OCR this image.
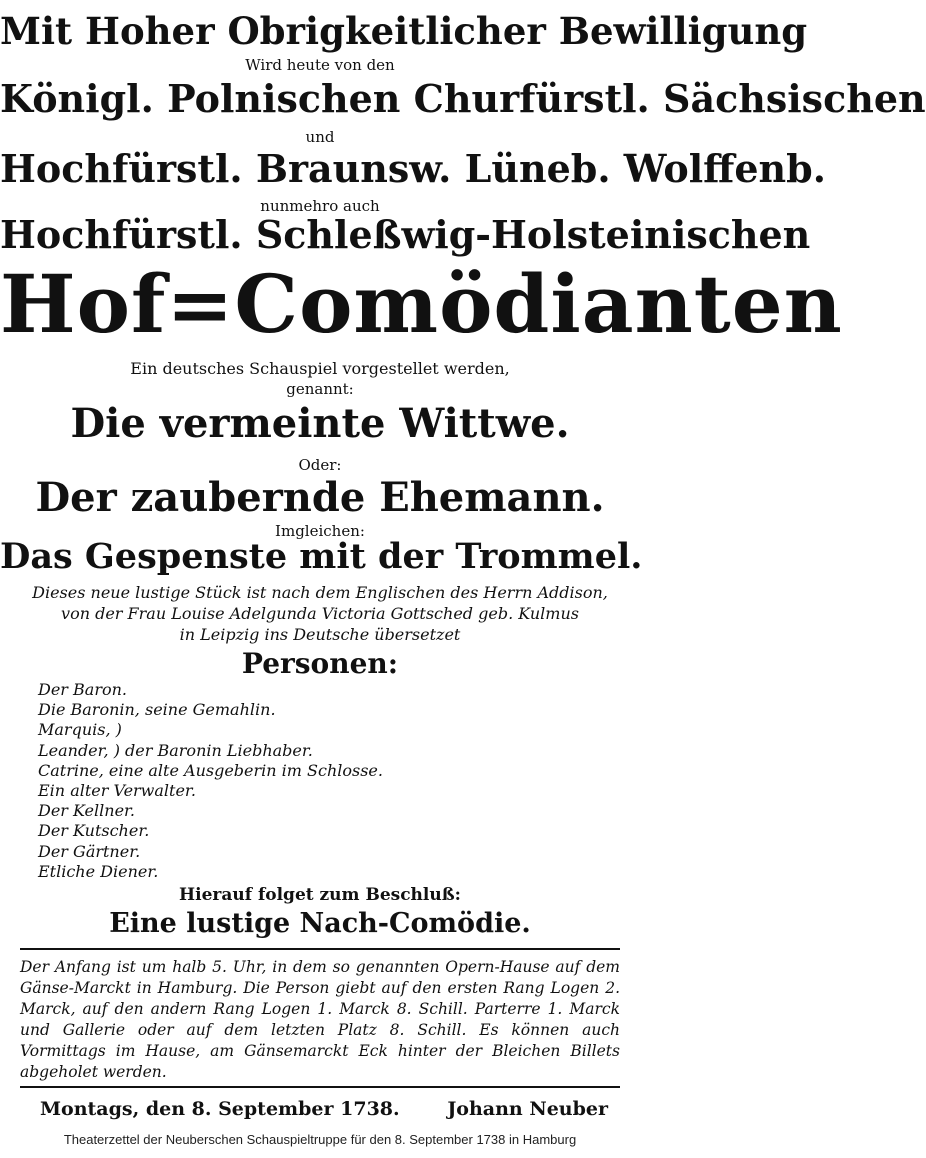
Mit Hoher Obrigkeitlicher Bewilligung
Wird heute von den
Königl. Polnischen Churfürstl. Sächsischen
und
Hochfürstl. Braunsw. Lüneb. Wolffenb.
nunmehro auch
Hochfürstl. Schleßwig-Holsteinischen
Hof=Comödianten
Ein deutsches Schauspiel vorgestellet werden,
genannt:
Die vermeinte Wittwe.
Oder:
Der zaubernde Ehemann.
Imgleichen:
Das Gespenste mit der Trommel.
Dieses neue lustige Stück ist nach dem Englischen des Herrn Addison,
von der Frau Louise Adelgunda Victoria Gottsched geb. Kulmus
in Leipzig ins Deutsche übersetzet
Personen:
Der Baron.
Die Baronin, seine Gemahlin.
Marquis, )
Leander, ) der Baronin Liebhaber.
Catrine, eine alte Ausgeberin im Schlosse.
Ein alter Verwalter.
Der Kellner.
Der Kutscher.
Der Gärtner.
Etliche Diener.
Hierauf folget zum Beschluß:
Eine lustige Nach-Comödie.
Der Anfang ist um halb 5. Uhr, in dem so genannten Opern-Hause auf dem Gänse-Marckt in Hamburg. Die Person giebt auf den ersten Rang Logen 2. Marck, auf den andern Rang Logen 1. Marck 8. Schill. Parterre 1. Marck und Gallerie oder auf dem letzten Platz 8. Schill. Es können auch Vormittags im Hause, am Gänsemarckt Eck hinter der Bleichen Billets abgeholet werden.
Montags, den 8. September 1738.	Johann Neuber
Theaterzettel der Neuberschen Schauspieltruppe für den 8. September 1738 in Hamburg
